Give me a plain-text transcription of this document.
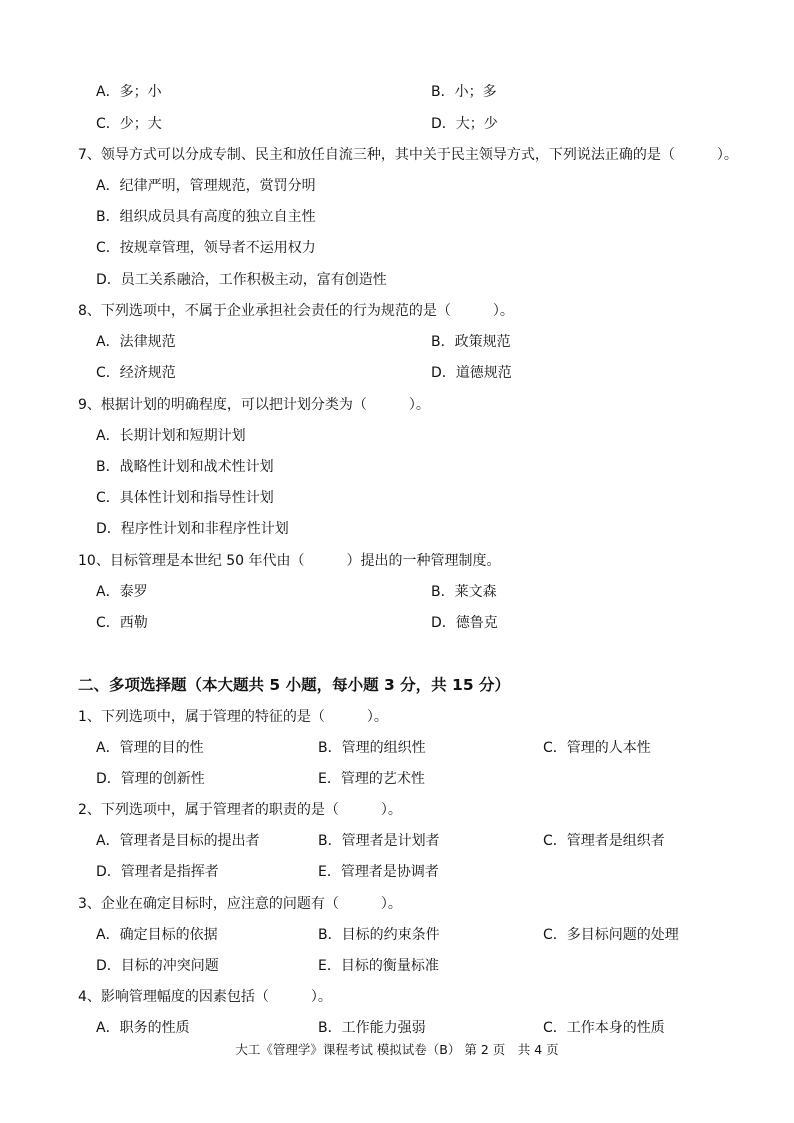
A．多；小	B．小；多
C．少；大	D．大；少
7、领导方式可以分成专制、民主和放任自流三种，其中关于民主领导方式，下列说法正确的是（　　　）。
A．纪律严明，管理规范，赏罚分明
B．组织成员具有高度的独立自主性
C．按规章管理，领导者不运用权力
D．员工关系融洽，工作积极主动，富有创造性
8、下列选项中，不属于企业承担社会责任的行为规范的是（　　　）。
A．法律规范	B．政策规范
C．经济规范	D．道德规范
9、根据计划的明确程度，可以把计划分类为（　　　）。
A．长期计划和短期计划
B．战略性计划和战术性计划
C．具体性计划和指导性计划
D．程序性计划和非程序性计划
10、目标管理是本世纪 50 年代由（　　　）提出的一种管理制度。
A．泰罗	B．莱文森
C．西勒	D．德鲁克
二、多项选择题（本大题共 5 小题，每小题 3 分，共 15 分）
1、下列选项中，属于管理的特征的是（　　　）。
A．管理的目的性	B．管理的组织性	C．管理的人本性
D．管理的创新性	E．管理的艺术性
2、下列选项中，属于管理者的职责的是（　　　）。
A．管理者是目标的提出者	B．管理者是计划者	C．管理者是组织者
D．管理者是指挥者	E．管理者是协调者
3、企业在确定目标时，应注意的问题有（　　　）。
A．确定目标的依据	B．目标的约束条件	C．多目标问题的处理
D．目标的冲突问题	E．目标的衡量标准
4、影响管理幅度的因素包括（　　　）。
A．职务的性质	B．工作能力强弱	C．工作本身的性质
大工《管理学》课程考试 模拟试卷（B） 第 2 页　共 4 页
